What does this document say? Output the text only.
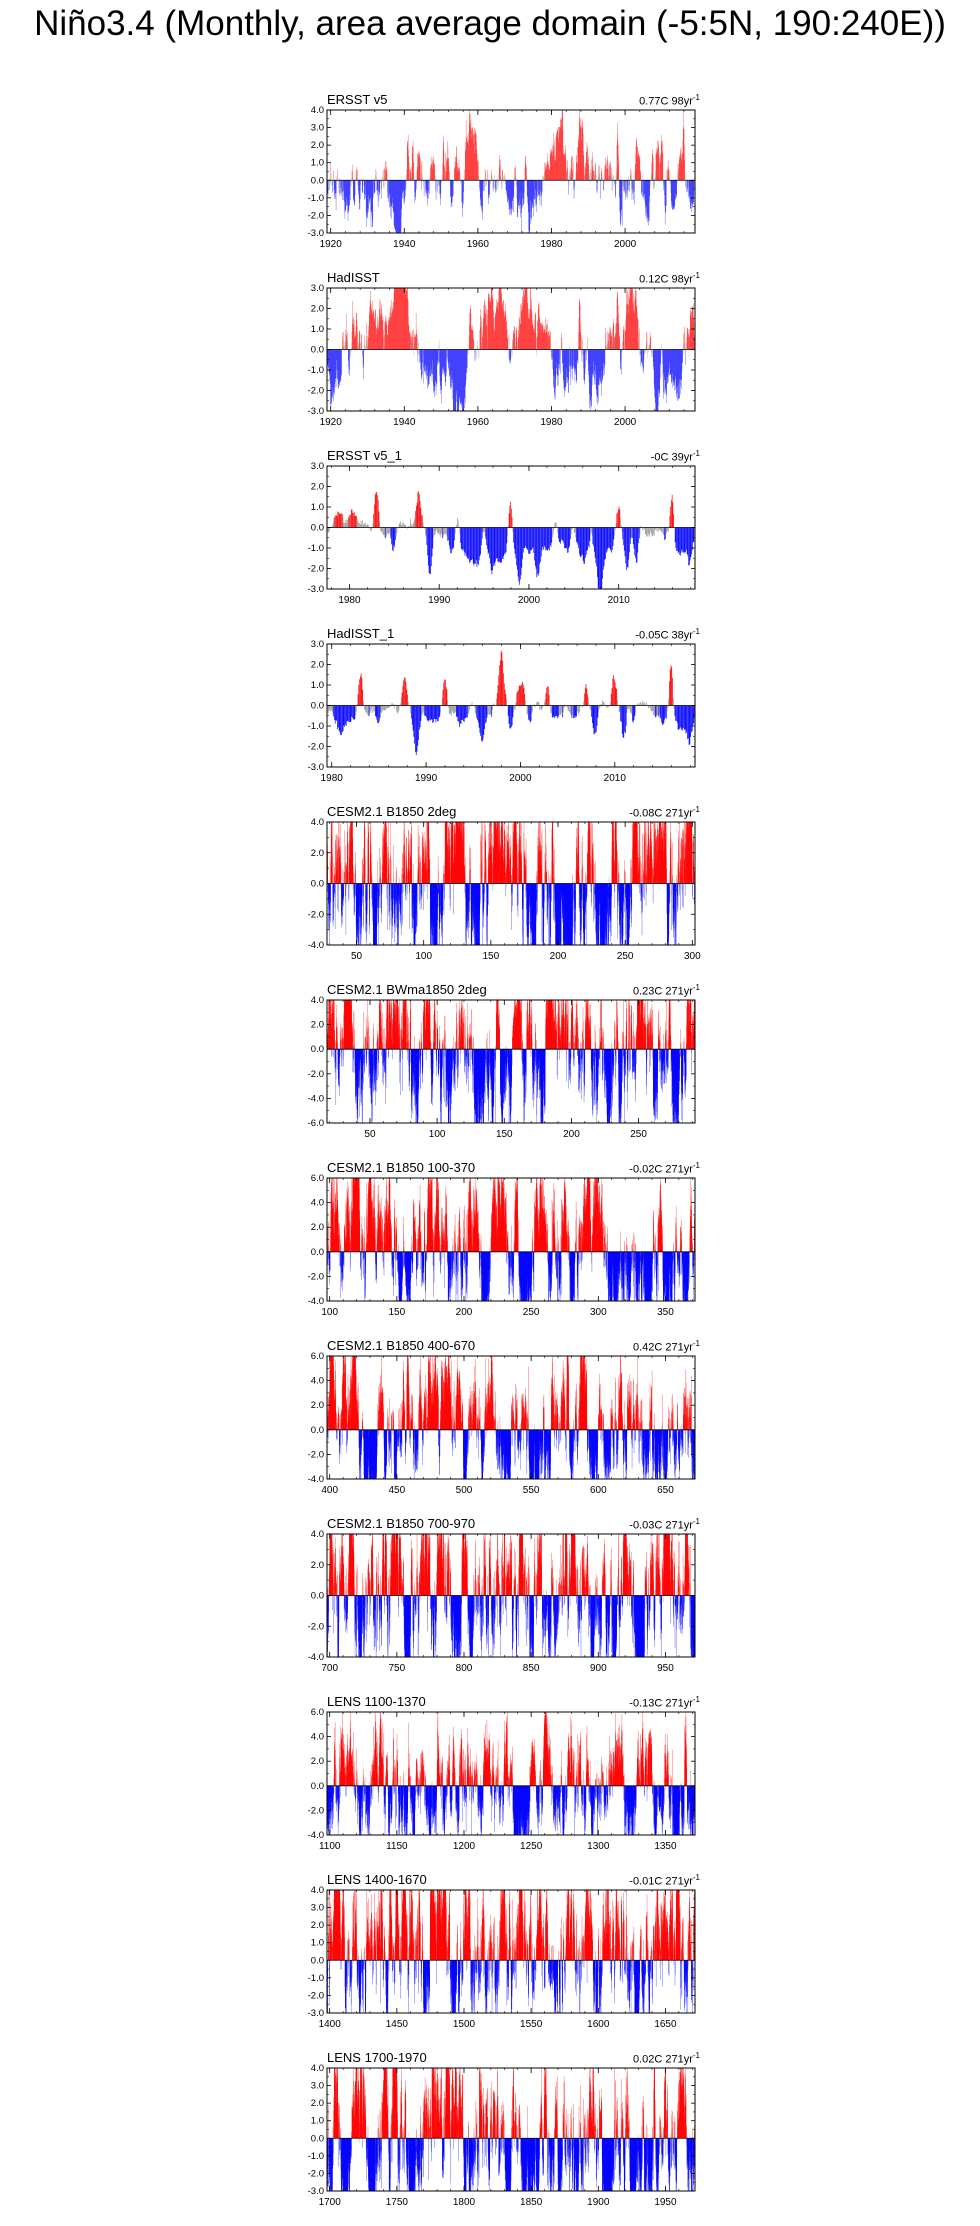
Niño3.4 (Monthly, area average domain (-5:5N, 190:240E))
ERSST v5	0.77C $98yr^{-1}$
-3.0
-2.0
-1.0
0.0
1.0
2.0
3.0
4.0
1920	1940	1960	1980	2000
HadISST	0.12C $98yr^{-1}$
-3.0
-2.0
-1.0
0.0
1.0
2.0
3.0
1920	1940	1960	1980	2000
ERSST v5_1	-0C $39yr^{-1}$
-3.0
-2.0
-1.0
0.0
1.0
2.0
3.0
1980	1990	2000	2010
HadISST_1	-0.05C $38yr^{-1}$
-3.0
-2.0
-1.0
0.0
1.0
2.0
3.0
1980	1990	2000	2010
CESM2.1 B1850 2deg	-0.08C $271yr^{-1}$
-4.0
-2.0
0.0
2.0
4.0
50	100	150	200	250	300
CESM2.1 BWma1850 2deg	0.23C $271yr^{-1}$
-6.0
-4.0
-2.0
0.0
2.0
4.0
50	100	150	200	250
CESM2.1 B1850 100-370	-0.02C $271yr^{-1}$
-4.0
-2.0
0.0
2.0
4.0
6.0
100	150	200	250	300	350
CESM2.1 B1850 400-670	0.42C $271yr^{-1}$
-4.0
-2.0
0.0
2.0
4.0
6.0
400	450	500	550	600	650
CESM2.1 B1850 700-970	-0.03C $271yr^{-1}$
-4.0
-2.0
0.0
2.0
4.0
700	750	800	850	900	950
LENS 1100-1370	-0.13C $271yr^{-1}$
-4.0
-2.0
0.0
2.0
4.0
6.0
1100	1150	1200	1250	1300	1350
LENS 1400-1670	-0.01C $271yr^{-1}$
-3.0
-2.0
-1.0
0.0
1.0
2.0
3.0
4.0
1400	1450	1500	1550	1600	1650
LENS 1700-1970	0.02C $271yr^{-1}$
-3.0
-2.0
-1.0
0.0
1.0
2.0
3.0
4.0
1700	1750	1800	1850	1900	1950
